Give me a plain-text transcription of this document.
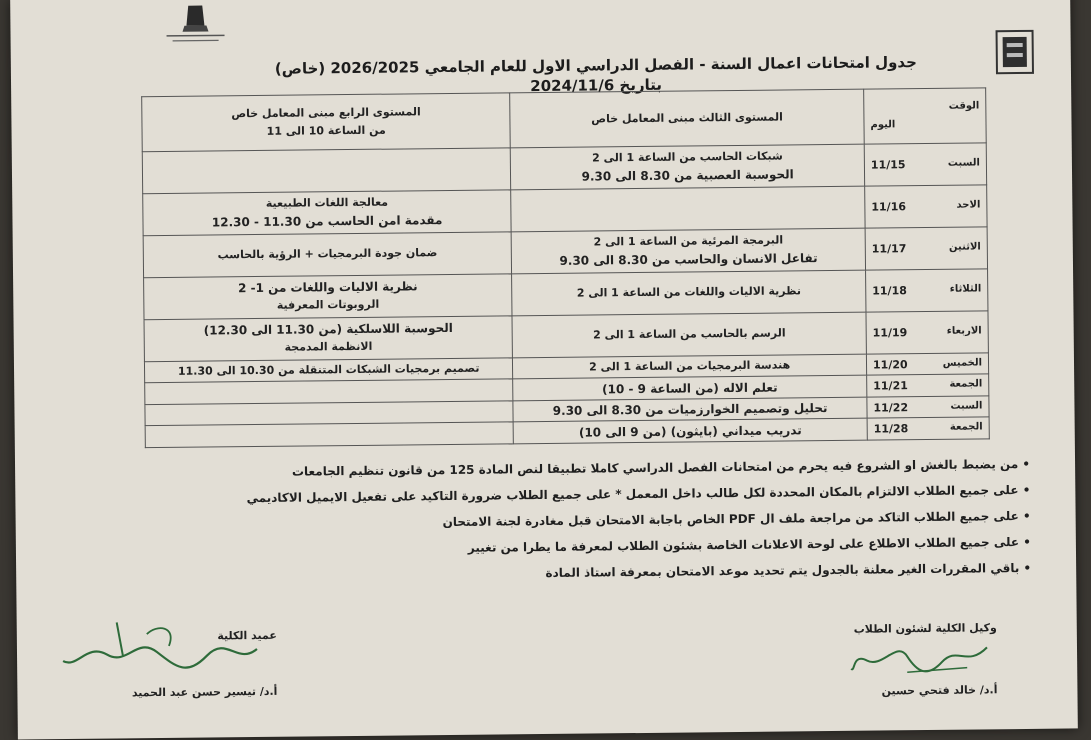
جدول امتحانات اعمال السنة - الفصل الدراسي الاول للعام الجامعي 2026/2025 (خاص)
بتاريخ 2024/11/6
الوقت
اليوم	المستوى الثالث مبنى المعامل خاص	المستوى الرابع مبنى المعامل خاص
من الساعة 10 الى 11

السبت
11/15	شبكات الحاسب من الساعة 1 الى 2
الحوسبة العصبية من 8.30 الى 9.30	

الاحد
11/16		معالجة اللغات الطبيعية
مقدمة امن الحاسب من 11.30 - 12.30

الاثنين
11/17	البرمجة المرئية من الساعة 1 الى 2
تفاعل الانسان والحاسب من 8.30 الى 9.30	ضمان جودة البرمجيات + الرؤية بالحاسب

الثلاثاء
11/18	نظرية الاليات واللغات من الساعة 1 الى 2	نظرية الاليات واللغات من 1- 2
الروبوتات المعرفية

الاربعاء
11/19	الرسم بالحاسب من الساعة 1 الى 2	الحوسبة اللاسلكية (من 11.30 الى 12.30)
الانظمة المدمجة

الخميس
11/20	هندسة البرمجيات من الساعة 1 الى 2	تصميم برمجيات الشبكات المتنقلة من 10.30 الى 11.30

الجمعة
11/21	تعلم الاله (من الساعة 9 - 10)	

السبت
11/22	تحليل وتصميم الخوارزميات من 8.30 الى 9.30	

الجمعة
11/28	تدريب ميداني (بايثون) (من 9 الى 10)	

• من يضبط بالغش او الشروع فيه يحرم من امتحانات الفصل الدراسي كاملا تطبيقا لنص المادة 125 من قانون تنظيم الجامعات
• على جميع الطلاب الالتزام بالمكان المحددة لكل طالب داخل المعمل * على جميع الطلاب ضرورة التاكيد على تفعيل الايميل الاكاديمي
• على جميع الطلاب التاكد من مراجعة ملف ال PDF الخاص باجابة الامتحان قبل مغادرة لجنة الامتحان
• على جميع الطلاب الاطلاع على لوحة الاعلانات الخاصة بشئون الطلاب لمعرفة ما يطرا من تغيير
• باقي المقررات الغير معلنة بالجدول يتم تحديد موعد الامتحان بمعرفة استاذ المادة
وكيل الكلية لشئون الطلاب
أ.د/ خالد فتحي حسين
عميد الكلية
أ.د/ تيسير حسن عبد الحميد
